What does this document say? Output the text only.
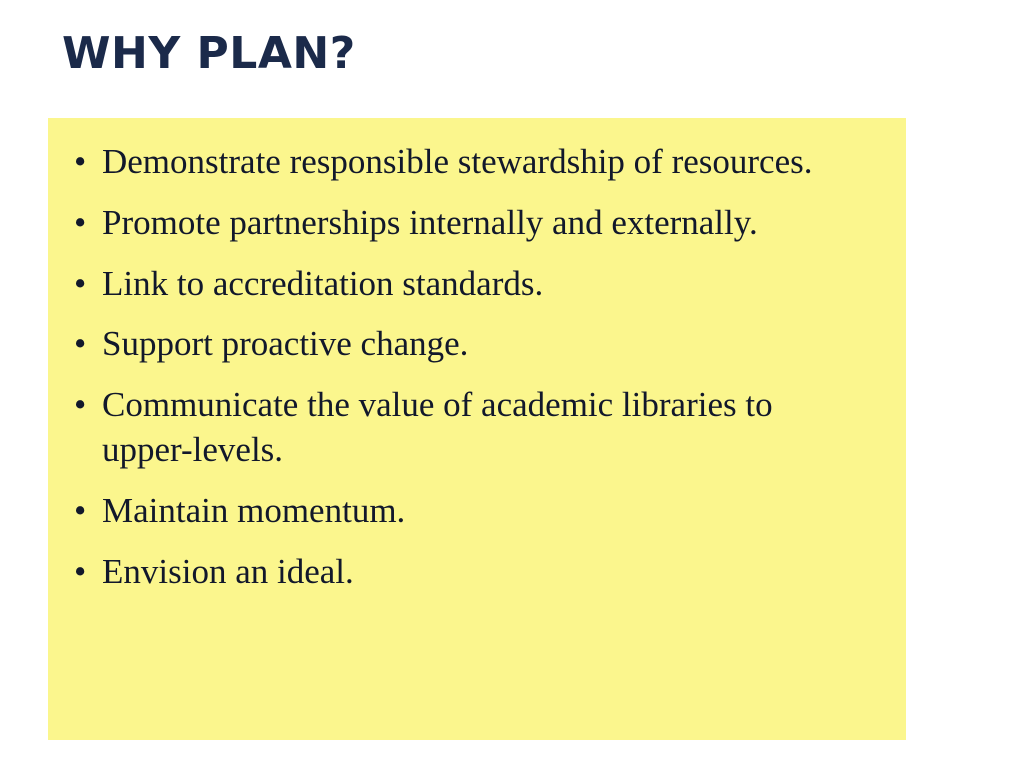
WHY PLAN?
• Demonstrate responsible stewardship of resources.
• Promote partnerships internally and externally.
• Link to accreditation standards.
• Support proactive change.
• Communicate the value of academic libraries to upper-levels.
• Maintain momentum.
• Envision an ideal.
